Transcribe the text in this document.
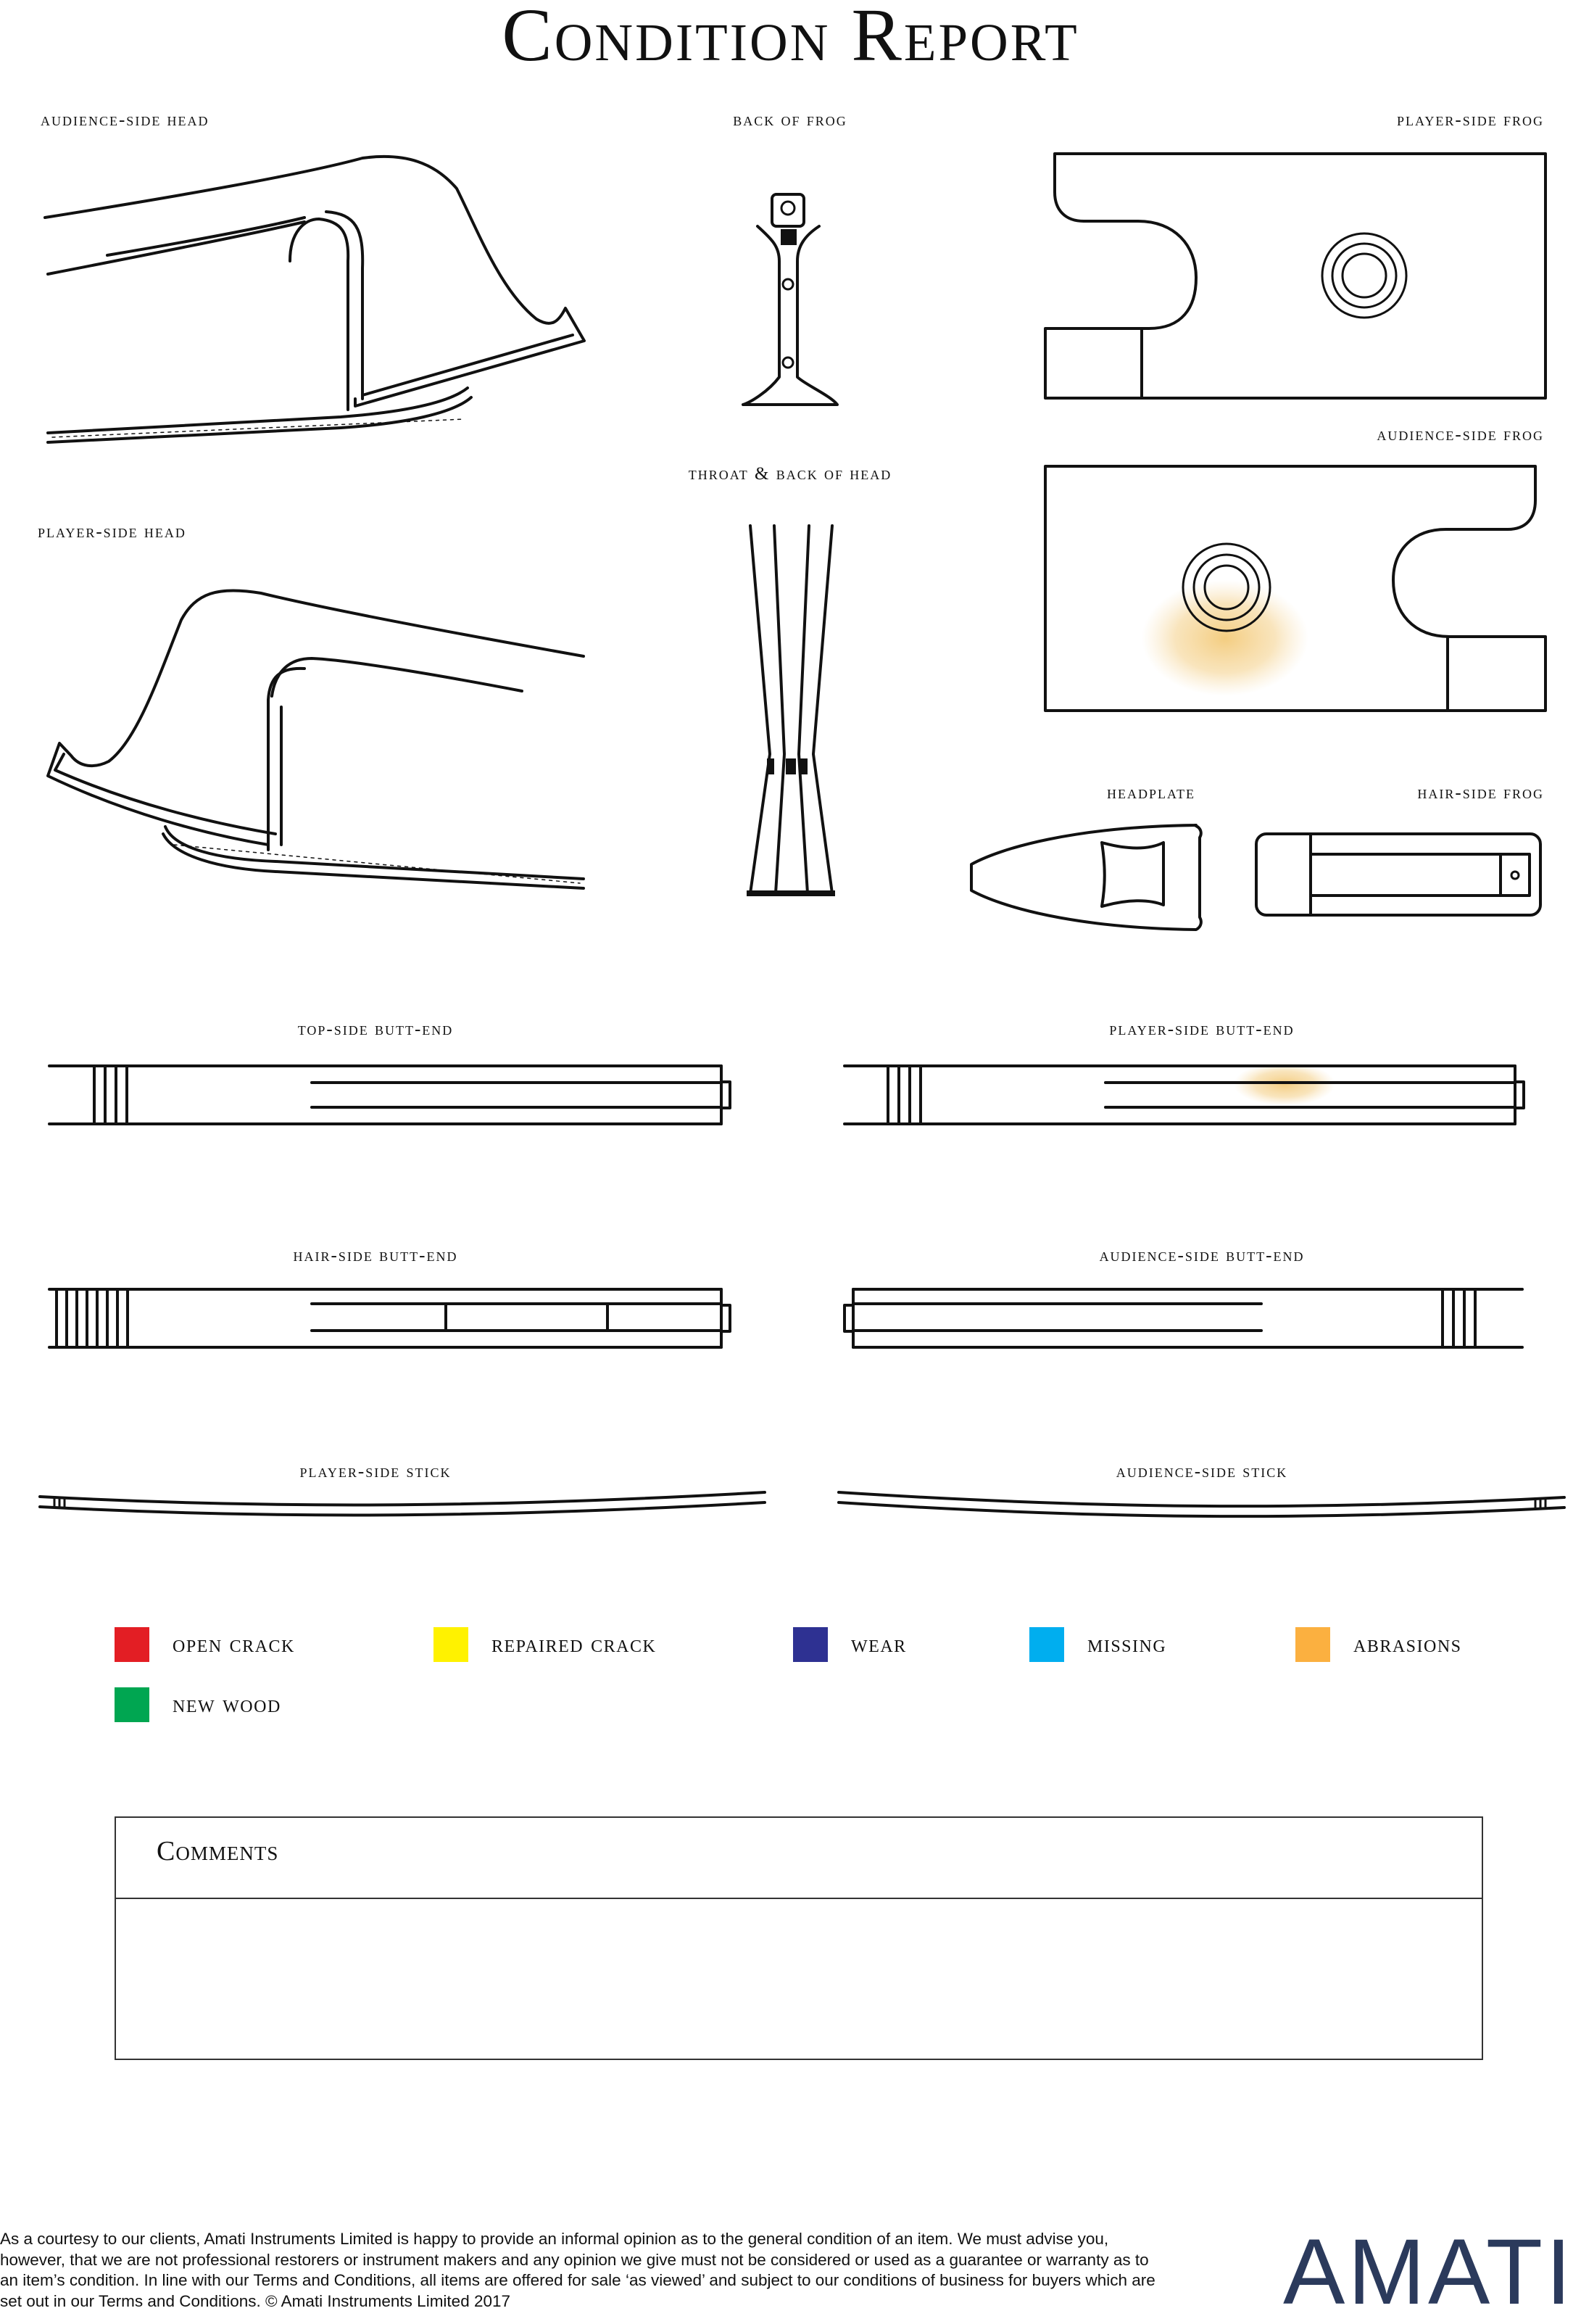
Condition Report
audience-side head	back of frog	player-side frog
audience-side frog
throat & back of head
player-side head
headplate	hair-side frog
top-side butt-end	player-side butt-end
hair-side butt-end	audience-side butt-end
player-side stick	audience-side stick
open crack	repaired crack	wear	missing	abrasions
new wood
Comments
As a courtesy to our clients, Amati Instruments Limited is happy to provide an informal opinion as to the general condition of an item. We must advise you, however, that we are not professional restorers or instrument makers and any opinion we give must not be considered or used as a guarantee or warranty as to an item’s condition. In line with our Terms and Conditions, all items are offered for sale ‘as viewed’ and subject to our conditions of business for buyers which are set out in our Terms and Conditions. © Amati Instruments Limited 2017	AMATI
